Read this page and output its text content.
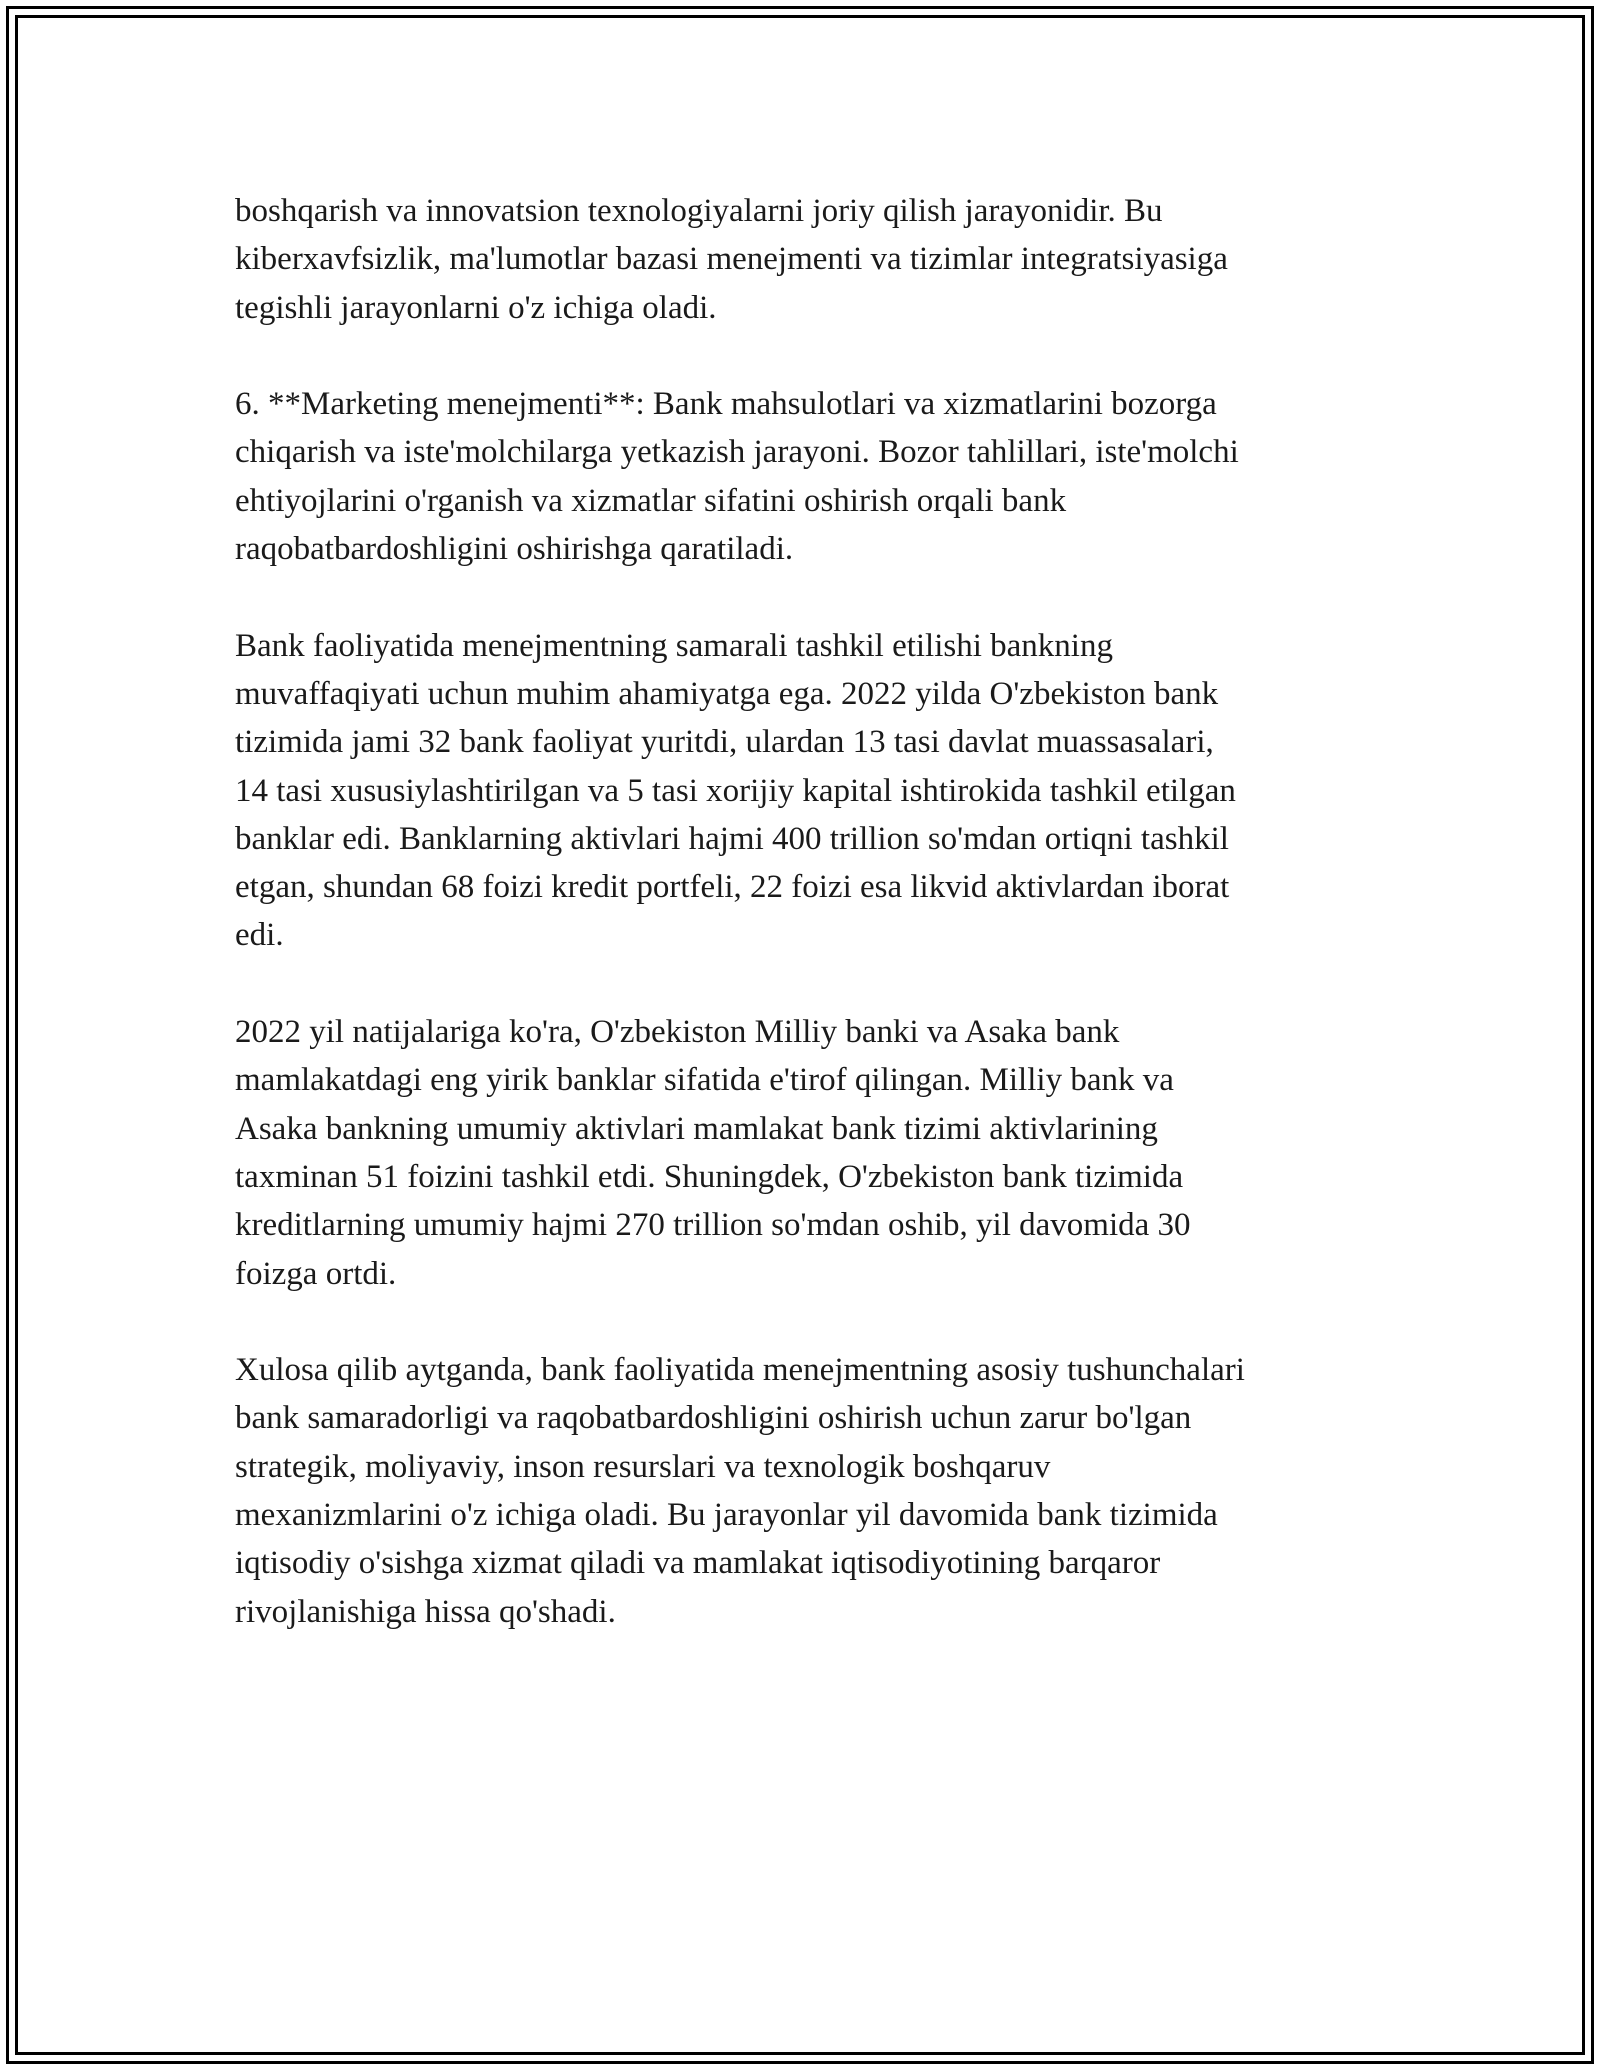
boshqarish va innovatsion texnologiyalarni joriy qilish jarayonidir. Bu
kiberxavfsizlik, ma'lumotlar bazasi menejmenti va tizimlar integratsiyasiga
tegishli jarayonlarni o'z ichiga oladi.

6. **Marketing menejmenti**: Bank mahsulotlari va xizmatlarini bozorga
chiqarish va iste'molchilarga yetkazish jarayoni. Bozor tahlillari, iste'molchi
ehtiyojlarini o'rganish va xizmatlar sifatini oshirish orqali bank
raqobatbardoshligini oshirishga qaratiladi.

Bank faoliyatida menejmentning samarali tashkil etilishi bankning
muvaffaqiyati uchun muhim ahamiyatga ega. 2022 yilda O'zbekiston bank
tizimida jami 32 bank faoliyat yuritdi, ulardan 13 tasi davlat muassasalari,
14 tasi xususiylashtirilgan va 5 tasi xorijiy kapital ishtirokida tashkil etilgan
banklar edi. Banklarning aktivlari hajmi 400 trillion so'mdan ortiqni tashkil
etgan, shundan 68 foizi kredit portfeli, 22 foizi esa likvid aktivlardan iborat
edi.

2022 yil natijalariga ko'ra, O'zbekiston Milliy banki va Asaka bank
mamlakatdagi eng yirik banklar sifatida e'tirof qilingan. Milliy bank va
Asaka bankning umumiy aktivlari mamlakat bank tizimi aktivlarining
taxminan 51 foizini tashkil etdi. Shuningdek, O'zbekiston bank tizimida
kreditlarning umumiy hajmi 270 trillion so'mdan oshib, yil davomida 30
foizga ortdi.

Xulosa qilib aytganda, bank faoliyatida menejmentning asosiy tushunchalari
bank samaradorligi va raqobatbardoshligini oshirish uchun zarur bo'lgan
strategik, moliyaviy, inson resurslari va texnologik boshqaruv
mexanizmlarini o'z ichiga oladi. Bu jarayonlar yil davomida bank tizimida
iqtisodiy o'sishga xizmat qiladi va mamlakat iqtisodiyotining barqaror
rivojlanishiga hissa qo'shadi.
